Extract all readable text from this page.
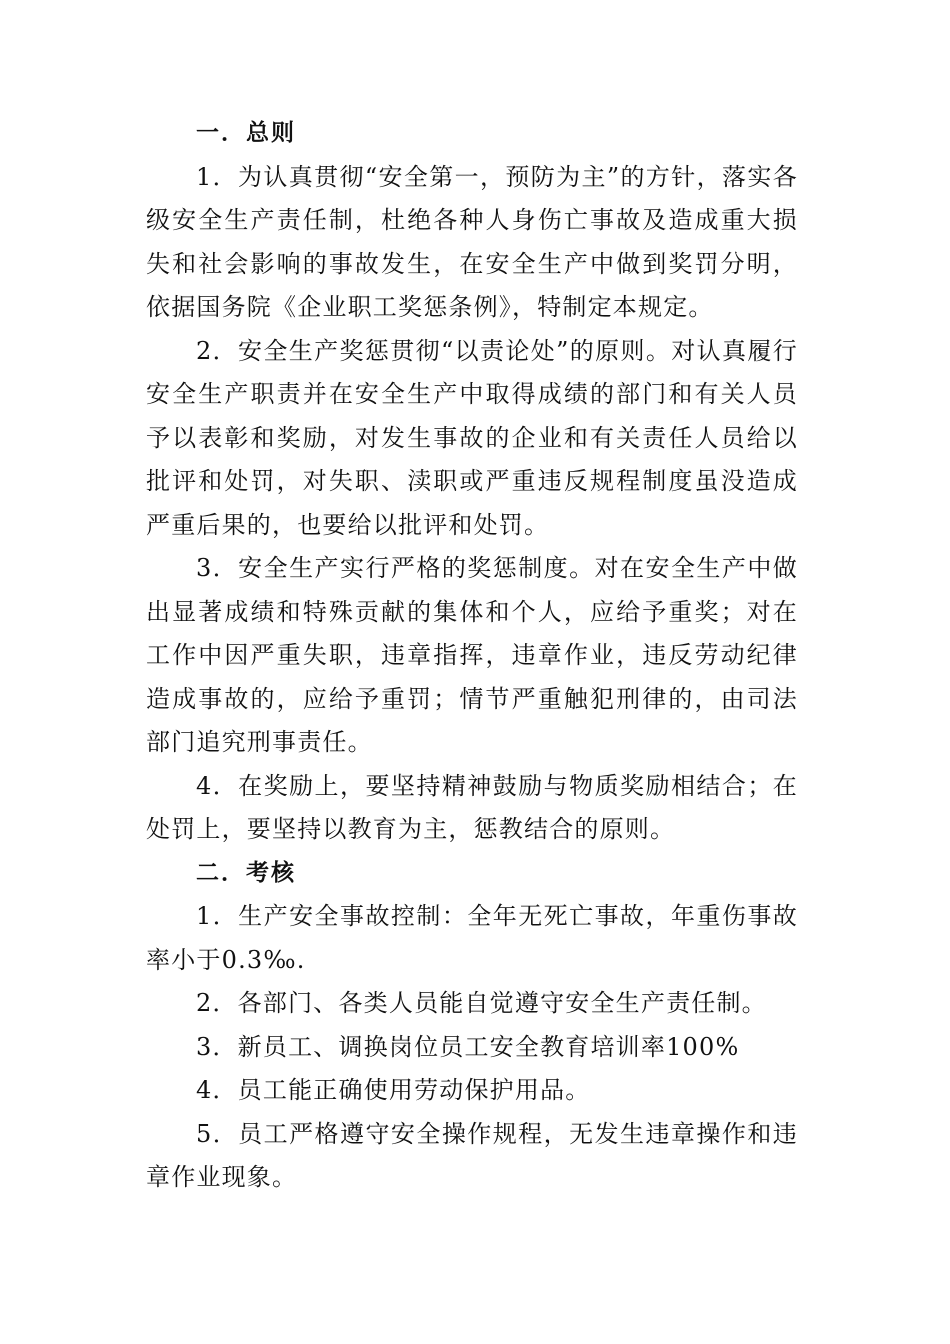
一．总则

1．为认真贯彻“安全第一，预防为主”的方针，落实各级安全生产责任制，杜绝各种人身伤亡事故及造成重大损失和社会影响的事故发生，在安全生产中做到奖罚分明，依据国务院《企业职工奖惩条例》，特制定本规定。

2．安全生产奖惩贯彻“以责论处”的原则。对认真履行安全生产职责并在安全生产中取得成绩的部门和有关人员予以表彰和奖励，对发生事故的企业和有关责任人员给以批评和处罚，对失职、渎职或严重违反规程制度虽没造成严重后果的，也要给以批评和处罚。

3．安全生产实行严格的奖惩制度。对在安全生产中做出显著成绩和特殊贡献的集体和个人，应给予重奖；对在工作中因严重失职，违章指挥，违章作业，违反劳动纪律造成事故的，应给予重罚；情节严重触犯刑律的，由司法部门追究刑事责任。

4．在奖励上，要坚持精神鼓励与物质奖励相结合；在处罚上，要坚持以教育为主，惩教结合的原则。

二．考核

1．生产安全事故控制：全年无死亡事故，年重伤事故率小于0.3‰.

2．各部门、各类人员能自觉遵守安全生产责任制。

3．新员工、调换岗位员工安全教育培训率100%

4．员工能正确使用劳动保护用品。

5．员工严格遵守安全操作规程，无发生违章操作和违章作业现象。
